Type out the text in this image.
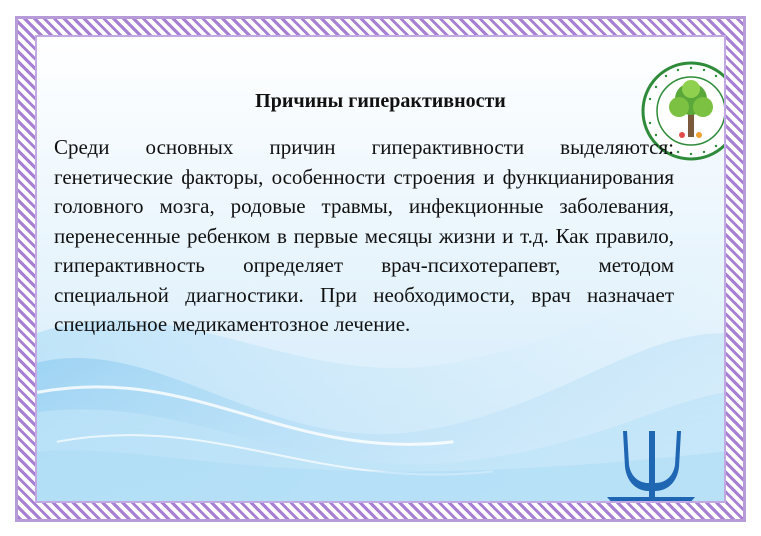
Причины гиперактивности

Среди основных причин гиперактивности выделяются: генетические факторы, особенности строения и функцианирования головного мозга, родовые травмы, инфекционные заболевания, перенесенные ребенком в первые месяцы жизни и т.д. Как правило, гиперактивность определяет врач-психотерапевт, методом специальной диагностики. При необходимости, врач назначает специальное медикаментозное лечение.
